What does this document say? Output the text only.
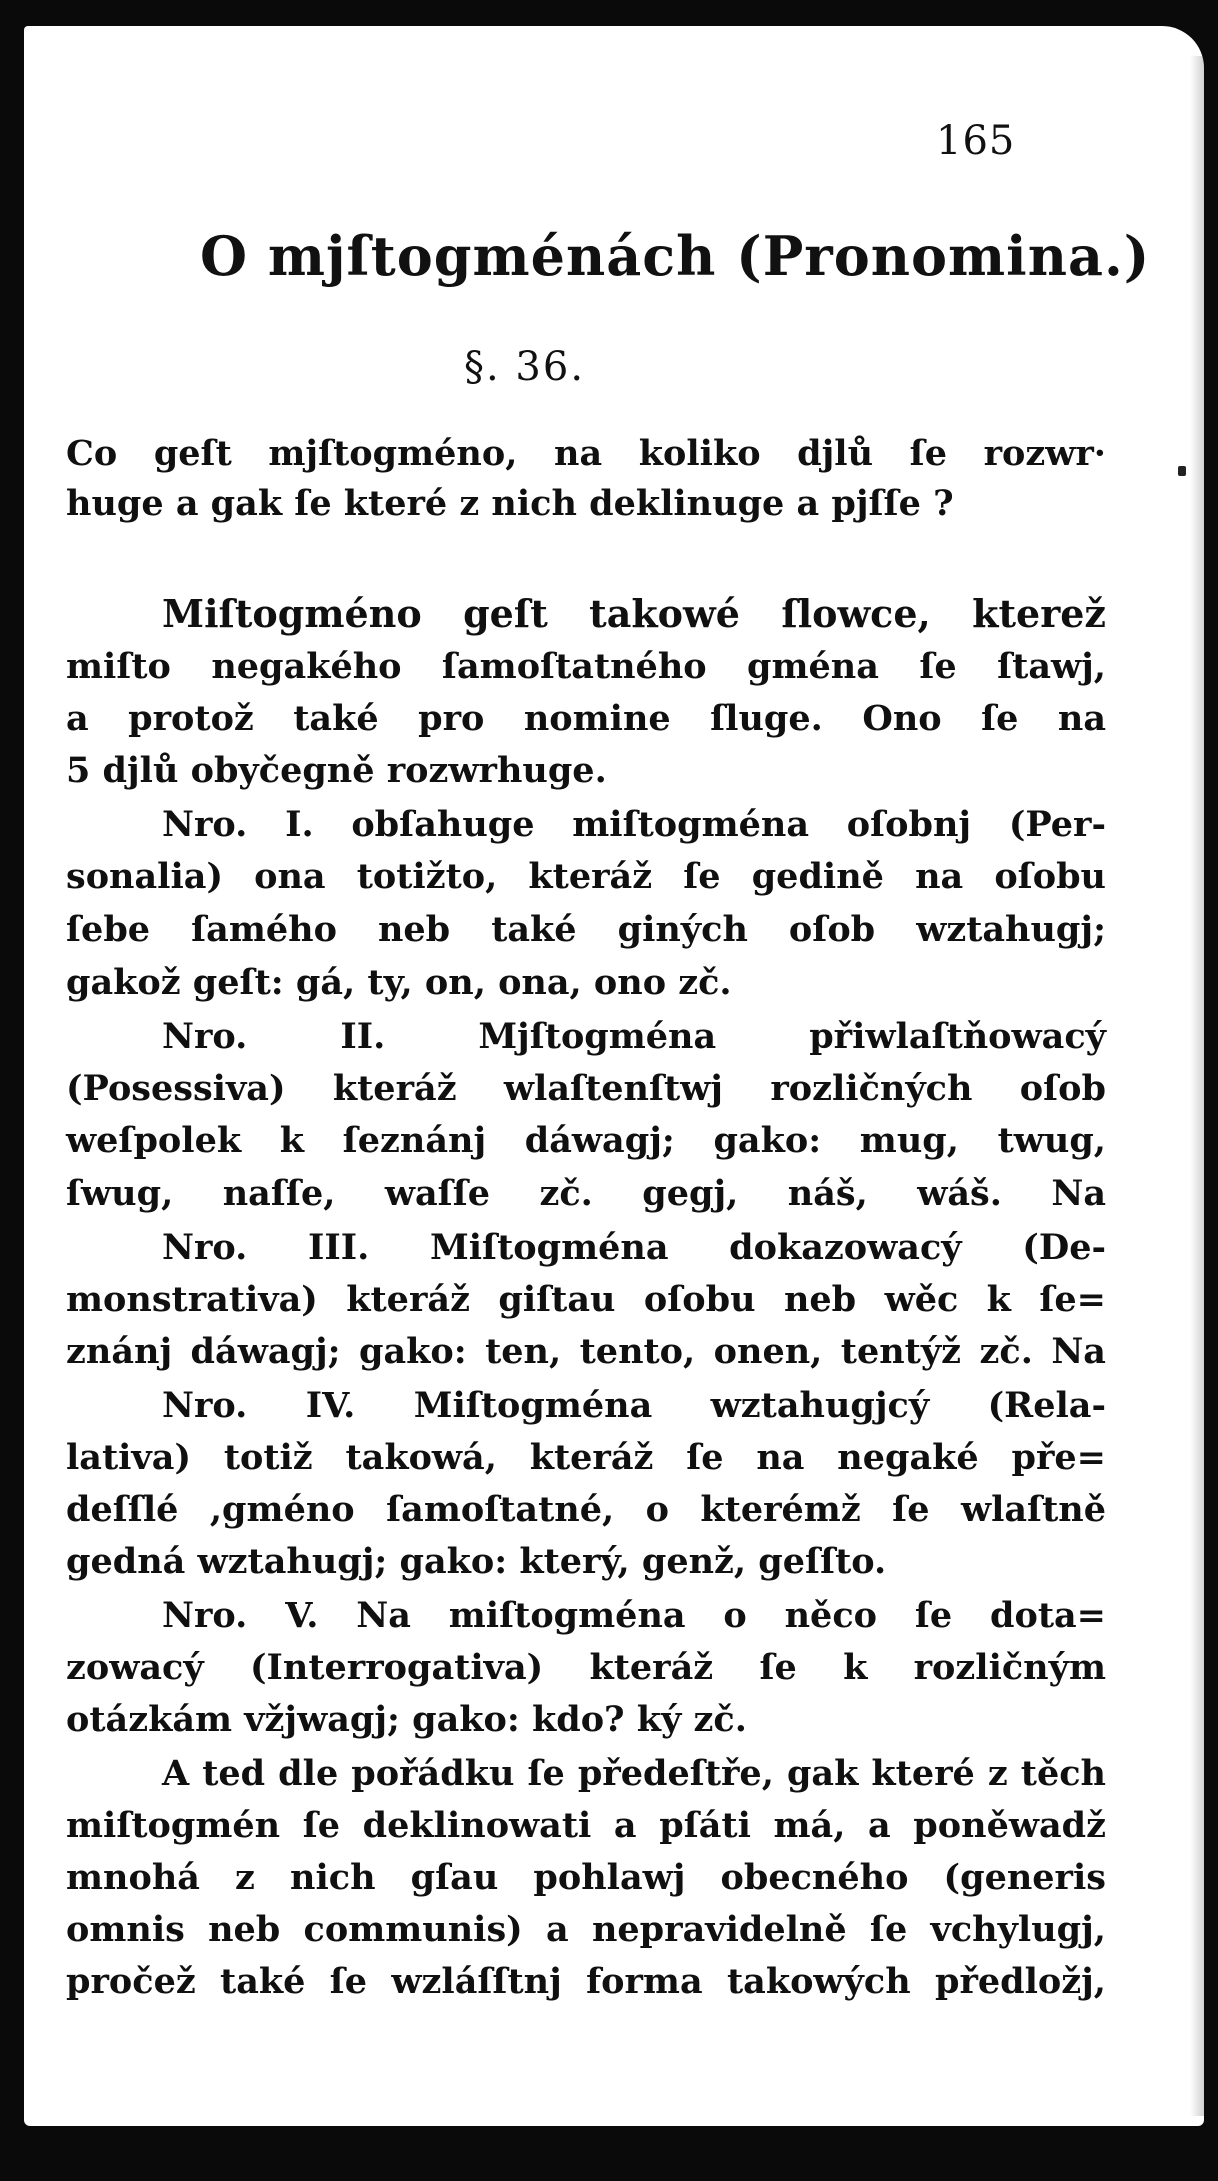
165
O mjſtogménách (Pronomina.)
§. 36.
Co geſt mjſtogméno, na koliko djlů ſe rozwr·
huge a gak ſe které z nich deklinuge a pjſſe ?
Miſtogméno geſt takowé ſlowce, kterež
miſto negakého ſamoſtatného gména ſe ſtawj,
a protož také pro nomine ſluge. Ono ſe na
5 djlů obyčegně rozwrhuge.
Nro. I. obſahuge miſtogména oſobnj (Per-
sonalia) ona totižto, kteráž ſe gedině na oſobu
ſebe ſamého neb také giných oſob wztahugj;
gakož geſt: gá, ty, on, ona, ono zč.
Nro. II. Mjſtogména přiwlaſtňowacý
(Posessiva) kteráž wlaſtenſtwj rozličných oſob
weſpolek k ſeznánj dáwagj; gako: mug, twug,
ſwug, naſſe, waſſe zč. gegj, náš, wáš. Na
Nro. III. Miſtogména dokazowacý (De-
monstrativa) kteráž giſtau oſobu neb wěc k ſe=
znánj dáwagj; gako: ten, tento, onen, tentýž zč. Na
Nro. IV. Miſtogména wztahugjcý (Rela-
lativa) totiž takowá, kteráž ſe na negaké pře=
deſſlé ,gméno ſamoſtatné, o kterémž ſe wlaſtně
gedná wztahugj; gako: který, genž, geſſto.
Nro. V. Na miſtogména o něco ſe dota=
zowacý (Interrogativa) kteráž ſe k rozličným
otázkám vžjwagj; gako: kdo? ký zč.
A ted dle pořádku ſe předeſtře, gak které z těch
miſtogmén ſe deklinowati a pſáti má, a poněwadž
mnohá z nich gſau pohlawj obecného (generis
omnis neb communis) a nepravidelně ſe vchylugj,
pročež také ſe wzláſſtnj forma takowých předložj,
